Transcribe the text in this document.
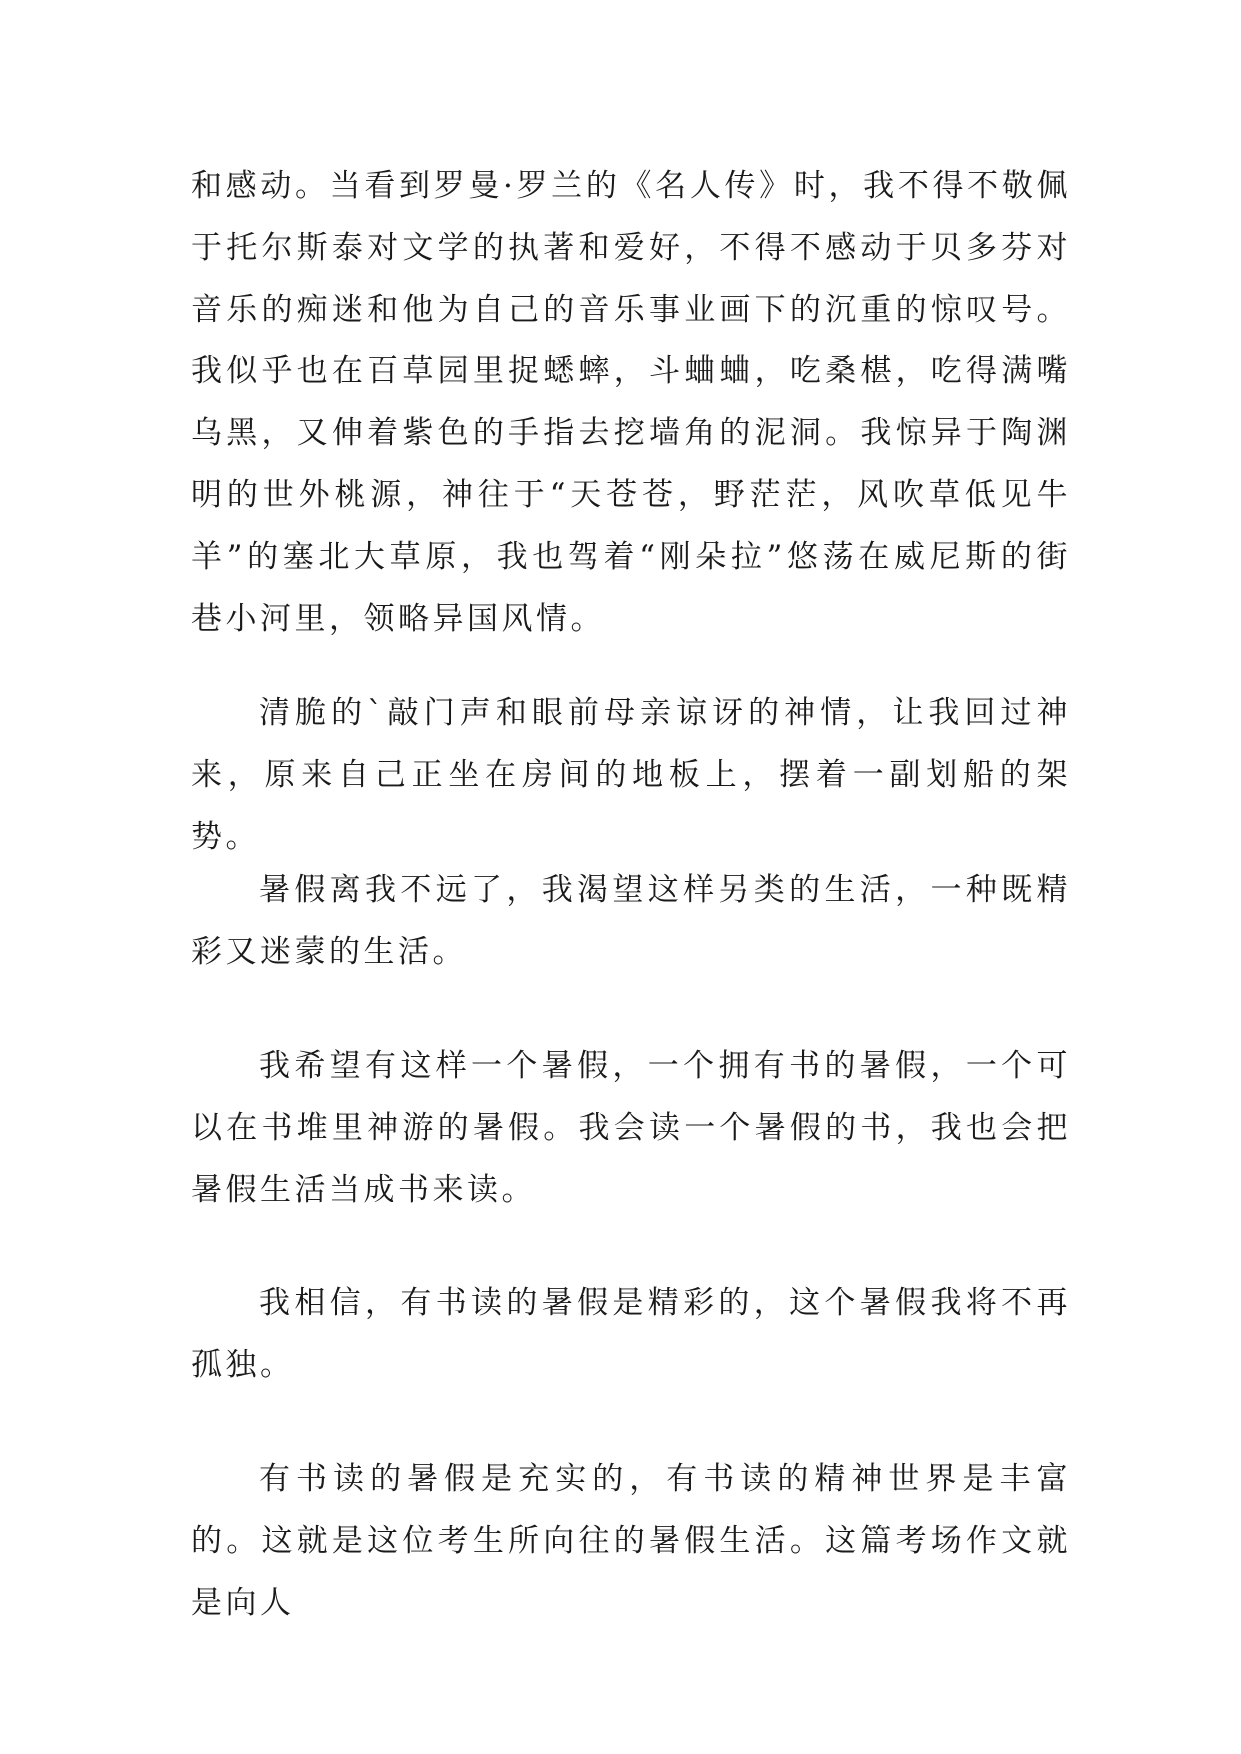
和感动。当看到罗曼·罗兰的《名人传》时，我不得不敬佩于托尔斯泰对文学的执著和爱好，不得不感动于贝多芬对音乐的痴迷和他为自己的音乐事业画下的沉重的惊叹号。我似乎也在百草园里捉蟋蟀，斗蛐蛐，吃桑椹，吃得满嘴乌黑，又伸着紫色的手指去挖墙角的泥洞。我惊异于陶渊明的世外桃源，神往于“天苍苍，野茫茫，风吹草低见牛羊”的塞北大草原，我也驾着“刚朵拉”悠荡在威尼斯的街巷小河里，领略异国风情。

清脆的`敲门声和眼前母亲谅讶的神情，让我回过神来，原来自己正坐在房间的地板上，摆着一副划船的架势。

暑假离我不远了，我渴望这样另类的生活，一种既精彩又迷蒙的生活。

我希望有这样一个暑假，一个拥有书的暑假，一个可以在书堆里神游的暑假。我会读一个暑假的书，我也会把暑假生活当成书来读。

我相信，有书读的暑假是精彩的，这个暑假我将不再孤独。

有书读的暑假是充实的，有书读的精神世界是丰富的。这就是这位考生所向往的暑假生活。这篇考场作文就是向人
